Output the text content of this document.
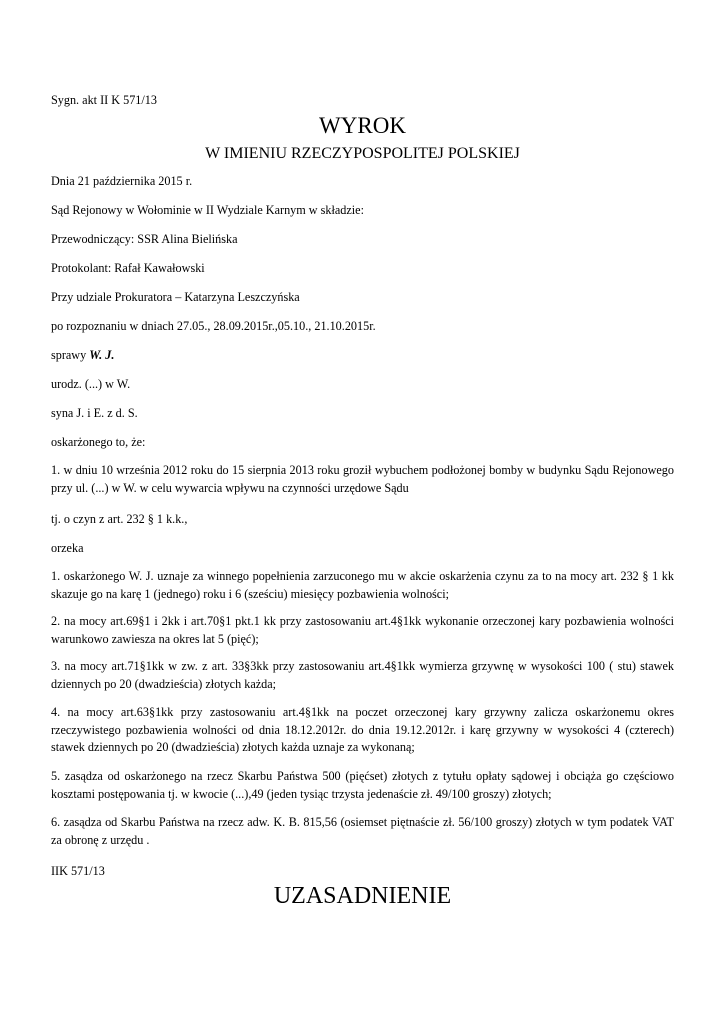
Sygn. akt II K 571/13
WYROK
W IMIENIU RZECZYPOSPOLITEJ POLSKIEJ
Dnia 21 października 2015 r.
Sąd Rejonowy w Wołominie w II Wydziale Karnym w składzie:
Przewodniczący: SSR Alina Bielińska
Protokolant: Rafał Kawałowski
Przy udziale Prokuratora – Katarzyna Leszczyńska
po rozpoznaniu w dniach 27.05., 28.09.2015r.,05.10., 21.10.2015r.
sprawy W. J.
urodz. (...) w W.
syna J. i E. z d. S.
oskarżonego to, że:
1. w dniu 10 września 2012 roku do 15 sierpnia 2013 roku groził wybuchem podłożonej bomby w budynku Sądu Rejonowego przy ul. (...) w W. w celu wywarcia wpływu na czynności urzędowe Sądu
tj. o czyn z art. 232 § 1 k.k.,
orzeka
1. oskarżonego W. J. uznaje za winnego popełnienia zarzuconego mu w akcie oskarżenia czynu za to na mocy art. 232 § 1 kk skazuje go na karę 1 (jednego) roku i 6 (sześciu) miesięcy pozbawienia wolności;
2. na mocy art.69§1 i 2kk i art.70§1 pkt.1 kk przy zastosowaniu art.4§1kk wykonanie orzeczonej kary pozbawienia wolności warunkowo zawiesza na okres lat 5 (pięć);
3. na mocy art.71§1kk w zw. z art. 33§3kk przy zastosowaniu art.4§1kk wymierza grzywnę w wysokości 100 ( stu) stawek dziennych po 20 (dwadzieścia) złotych każda;
4. na mocy art.63§1kk przy zastosowaniu art.4§1kk na poczet orzeczonej kary grzywny zalicza oskarżonemu okres rzeczywistego pozbawienia wolności od dnia 18.12.2012r. do dnia 19.12.2012r. i karę grzywny w wysokości 4 (czterech) stawek dziennych po 20 (dwadzieścia) złotych każda uznaje za wykonaną;
5. zasądza od oskarżonego na rzecz Skarbu Państwa 500 (pięćset) złotych z tytułu opłaty sądowej i obciąża go częściowo kosztami postępowania tj. w kwocie (...),49 (jeden tysiąc trzysta jedenaście zł. 49/100 groszy) złotych;
6. zasądza od Skarbu Państwa na rzecz adw. K. B. 815,56 (osiemset piętnaście zł. 56/100 groszy) złotych w tym podatek VAT za obronę z urzędu .
IIK 571/13
UZASADNIENIE
